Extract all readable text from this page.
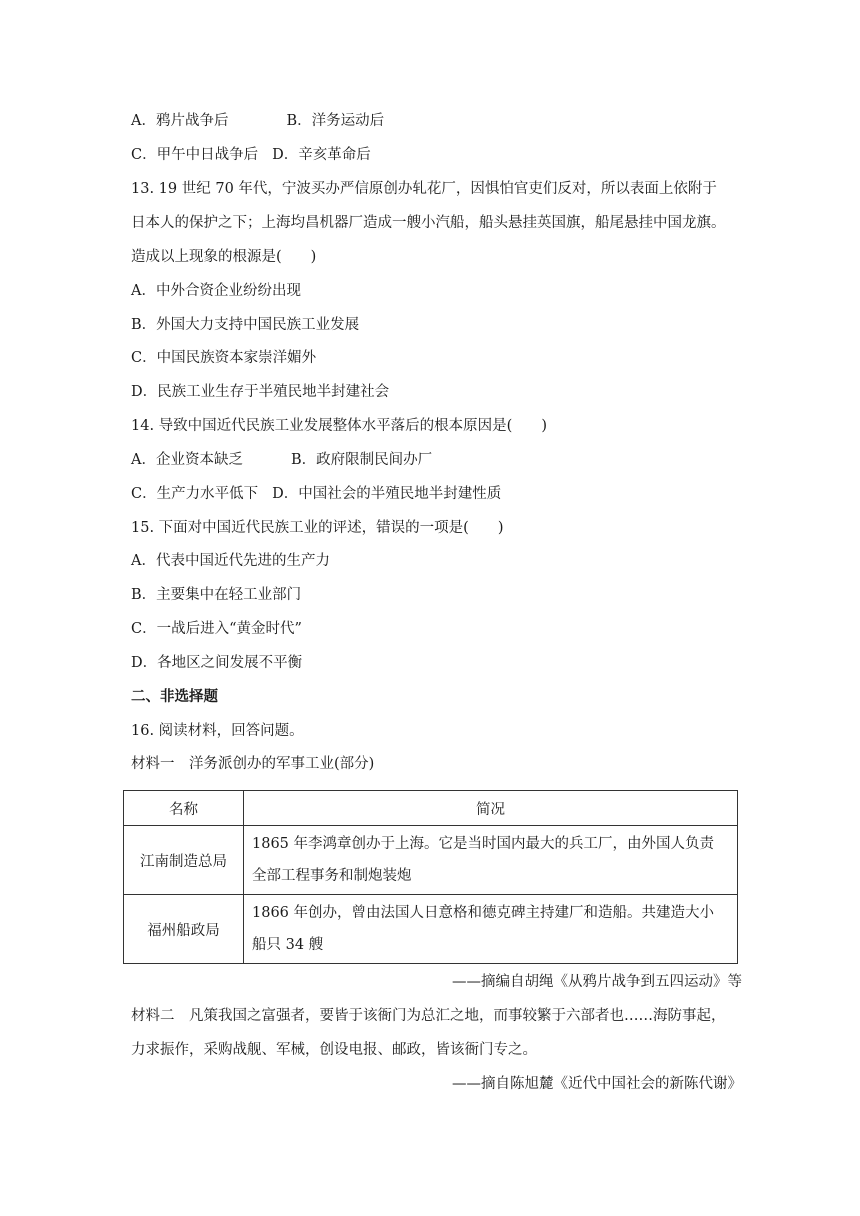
A．鸦片战争后	B．洋务运动后
C．甲午中日战争后 D．辛亥革命后
13. 19 世纪 70 年代，宁波买办严信原创办轧花厂，因惧怕官吏们反对，所以表面上依附于
日本人的保护之下；上海均昌机器厂造成一艘小汽船，船头悬挂英国旗，船尾悬挂中国龙旗。
造成以上现象的根源是(　　)
A．中外合资企业纷纷出现
B．外国大力支持中国民族工业发展
C．中国民族资本家崇洋媚外
D．民族工业生存于半殖民地半封建社会
14. 导致中国近代民族工业发展整体水平落后的根本原因是(　　)
A．企业资本缺乏	B．政府限制民间办厂
C．生产力水平低下 D．中国社会的半殖民地半封建性质
15. 下面对中国近代民族工业的评述，错误的一项是(　　)
A．代表中国近代先进的生产力
B．主要集中在轻工业部门
C．一战后进入“黄金时代”
D．各地区之间发展不平衡
二、非选择题
16. 阅读材料，回答问题。
材料一　洋务派创办的军事工业(部分)
名称	简况
江南制造总局	1865 年李鸿章创办于上海。它是当时国内最大的兵工厂，由外国人负责
全部工程事务和制炮装炮

福州船政局	1866 年创办，曾由法国人日意格和德克碑主持建厂和造船。共建造大小
船只 34 艘
——摘编自胡绳《从鸦片战争到五四运动》等
材料二　凡策我国之富强者，要皆于该衙门为总汇之地，而事较繁于六部者也……海防事起，
力求振作，采购战舰、军械，创设电报、邮政，皆该衙门专之。
——摘自陈旭麓《近代中国社会的新陈代谢》
